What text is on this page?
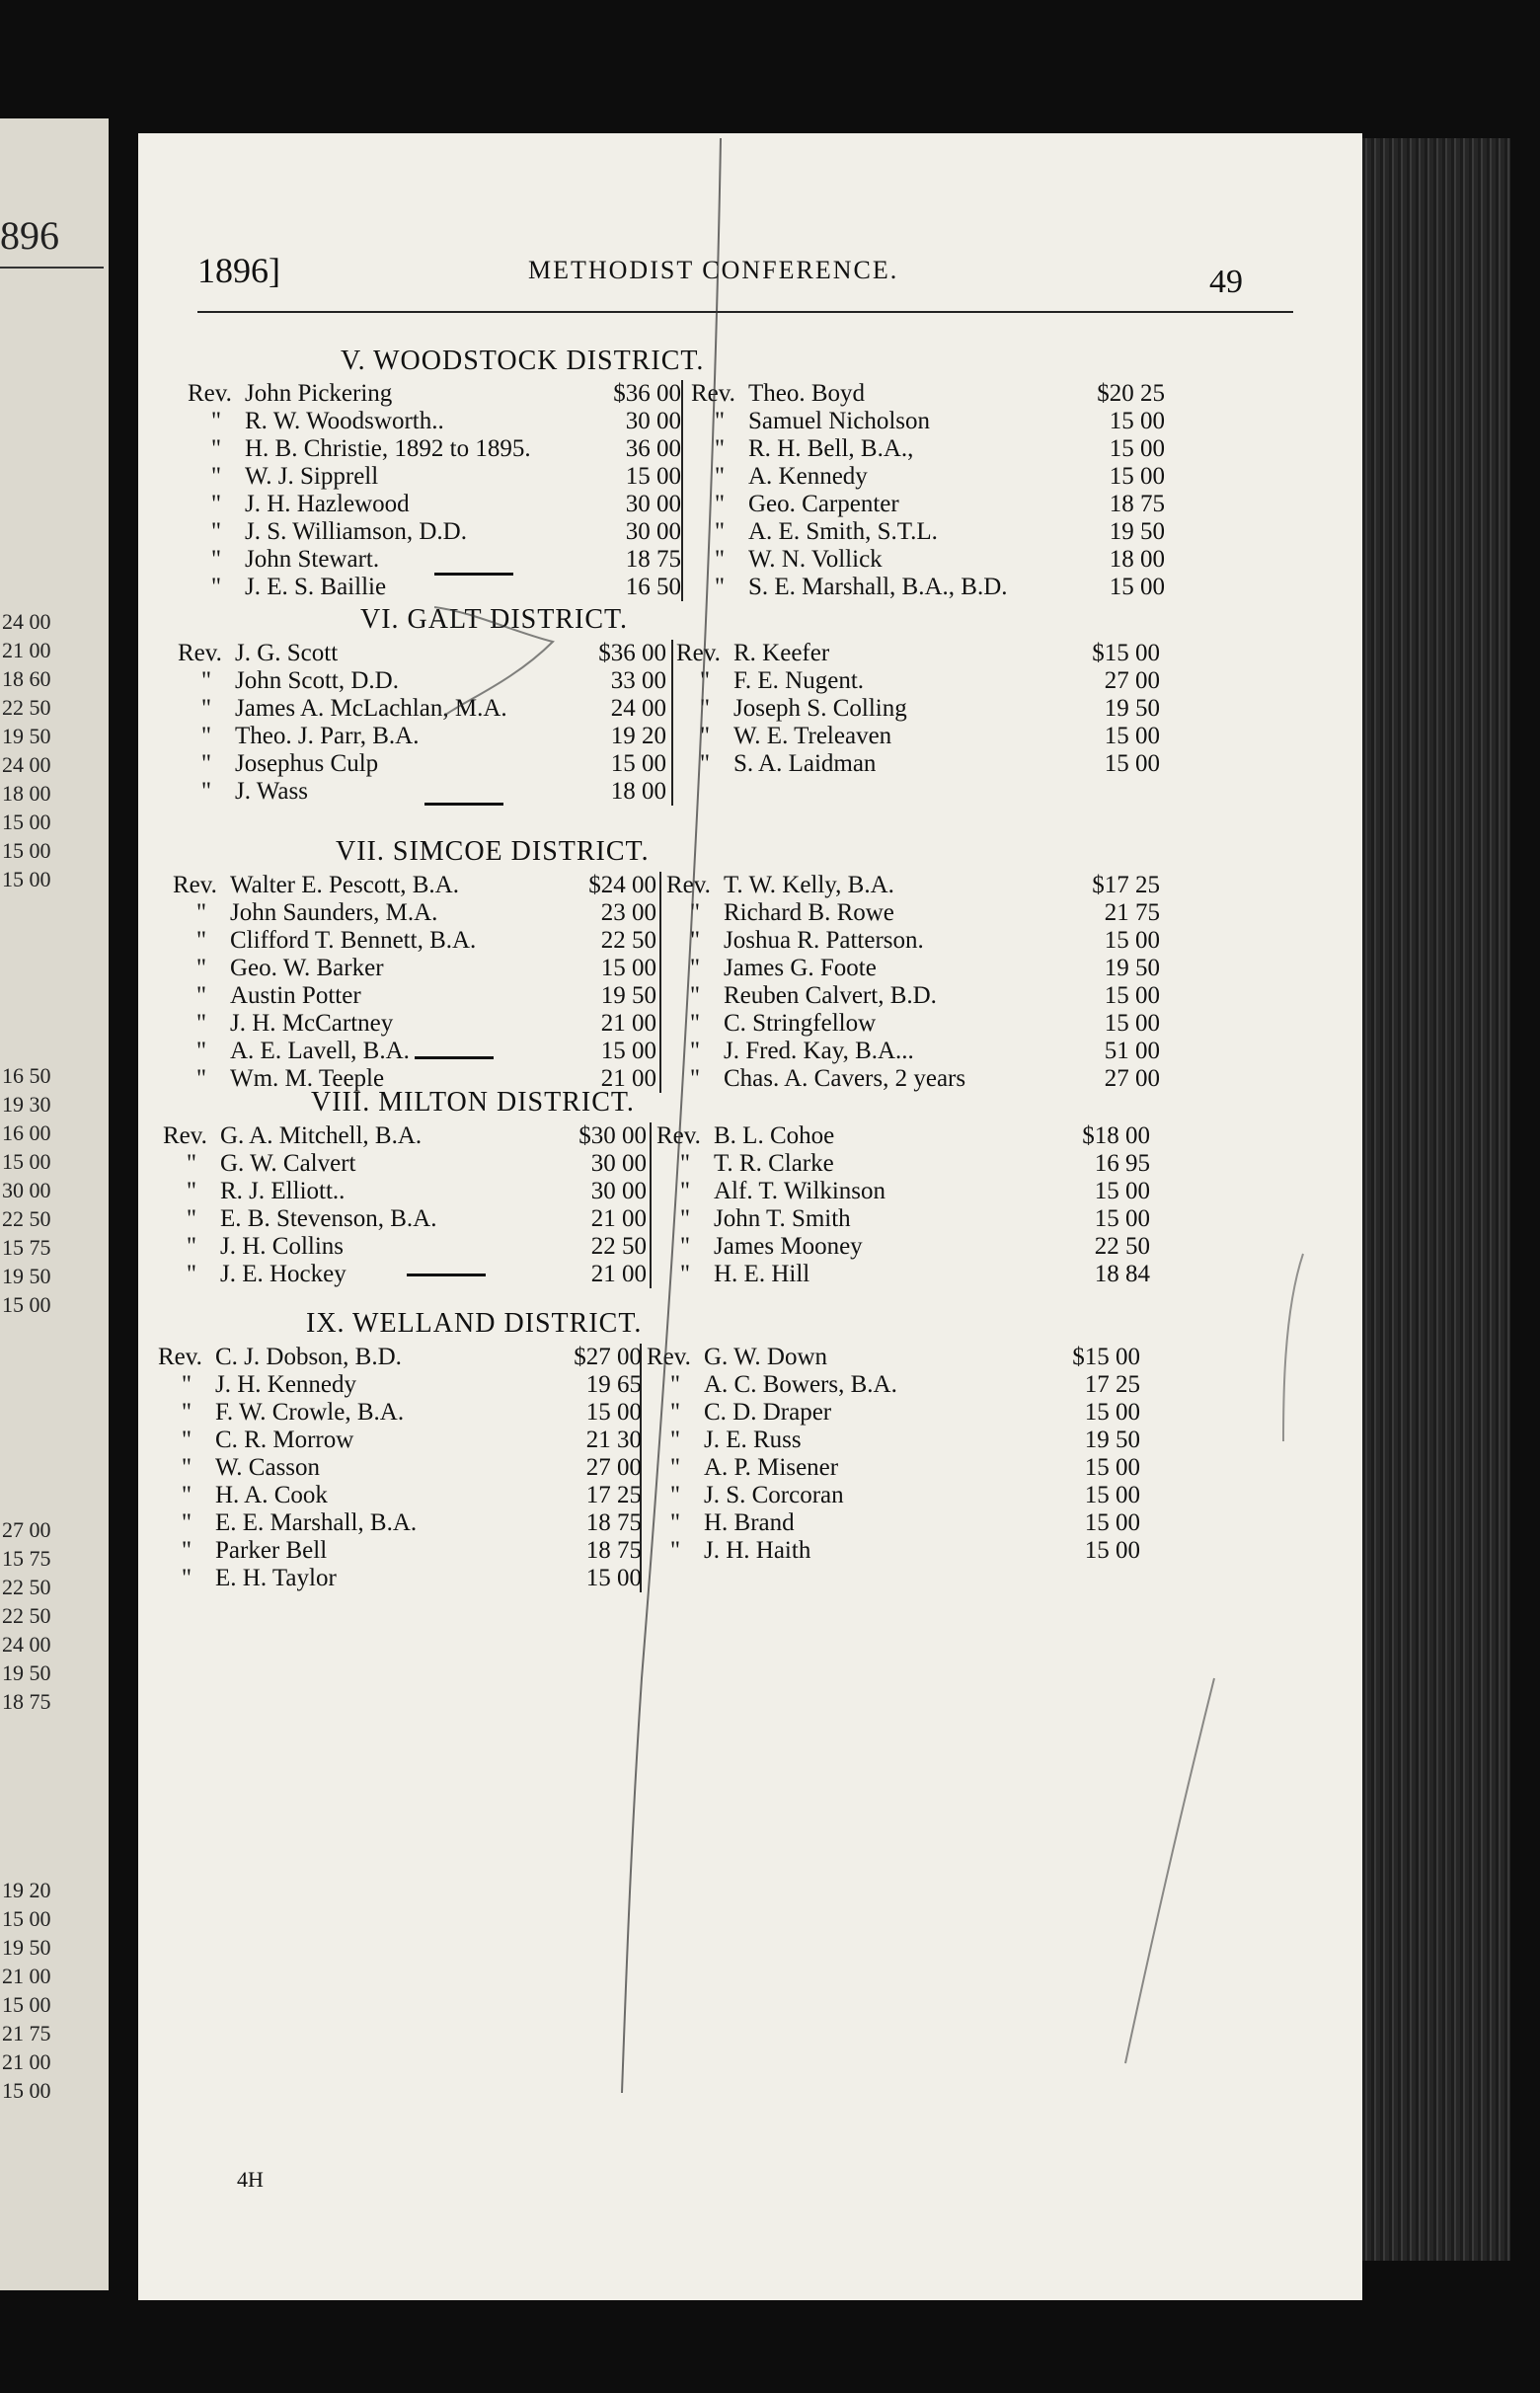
896
24 00
21 00
18 60
22 50
19 50
24 00
18 00
15 00
15 00
15 00
16 50
19 30
16 00
15 00
30 00
22 50
15 75
19 50
15 00
27 00
15 75
22 50
22 50
24 00
19 50
18 75
19 20
15 00
19 50
21 00
15 00
21 75
21 00
15 00
1896]	METHODIST CONFERENCE.	49
V. WOODSTOCK DISTRICT.
Rev. John Pickering	$36 00
" R. W. Woodsworth..	30 00
" H. B. Christie, 1892 to 1895.	36 00
" W. J. Sipprell	15 00
" J. H. Hazlewood	30 00
" J. S. Williamson, D.D.	30 00
" John Stewart.	18 75
" J. E. S. Baillie	16 50
Rev. Theo. Boyd	$20 25
" Samuel Nicholson	15 00
" R. H. Bell, B.A.,	15 00
" A. Kennedy	15 00
" Geo. Carpenter	18 75
" A. E. Smith, S.T.L.	19 50
" W. N. Vollick	18 00
" S. E. Marshall, B.A., B.D.	15 00
VI. GALT DISTRICT.
Rev. J. G. Scott	$36 00
" John Scott, D.D.	33 00
" James A. McLachlan, M.A.	24 00
" Theo. J. Parr, B.A.	19 20
" Josephus Culp	15 00
" J. Wass	18 00
Rev. R. Keefer	$15 00
" F. E. Nugent.	27 00
" Joseph S. Colling	19 50
" W. E. Treleaven	15 00
" S. A. Laidman	15 00
VII. SIMCOE DISTRICT.
Rev. Walter E. Pescott, B.A.	$24 00
" John Saunders, M.A.	23 00
" Clifford T. Bennett, B.A.	22 50
" Geo. W. Barker	15 00
" Austin Potter	19 50
" J. H. McCartney	21 00
" A. E. Lavell, B.A.	15 00
" Wm. M. Teeple	21 00
Rev. T. W. Kelly, B.A.	$17 25
" Richard B. Rowe	21 75
" Joshua R. Patterson.	15 00
" James G. Foote	19 50
" Reuben Calvert, B.D.	15 00
" C. Stringfellow	15 00
" J. Fred. Kay, B.A...	51 00
" Chas. A. Cavers, 2 years	27 00
VIII. MILTON DISTRICT.
Rev. G. A. Mitchell, B.A.	$30 00
" G. W. Calvert	30 00
" R. J. Elliott..	30 00
" E. B. Stevenson, B.A.	21 00
" J. H. Collins	22 50
" J. E. Hockey	21 00
Rev. B. L. Cohoe	$18 00
" T. R. Clarke	16 95
" Alf. T. Wilkinson	15 00
" John T. Smith	15 00
" James Mooney	22 50
" H. E. Hill	18 84
IX. WELLAND DISTRICT.
Rev. C. J. Dobson, B.D.	$27 00
" J. H. Kennedy	19 65
" F. W. Crowle, B.A.	15 00
" C. R. Morrow	21 30
" W. Casson	27 00
" H. A. Cook	17 25
" E. E. Marshall, B.A.	18 75
" Parker Bell	18 75
" E. H. Taylor	15 00
Rev. G. W. Down	$15 00
" A. C. Bowers, B.A.	17 25
" C. D. Draper	15 00
" J. E. Russ	19 50
" A. P. Misener	15 00
" J. S. Corcoran	15 00
" H. Brand	15 00
" J. H. Haith	15 00
4H
